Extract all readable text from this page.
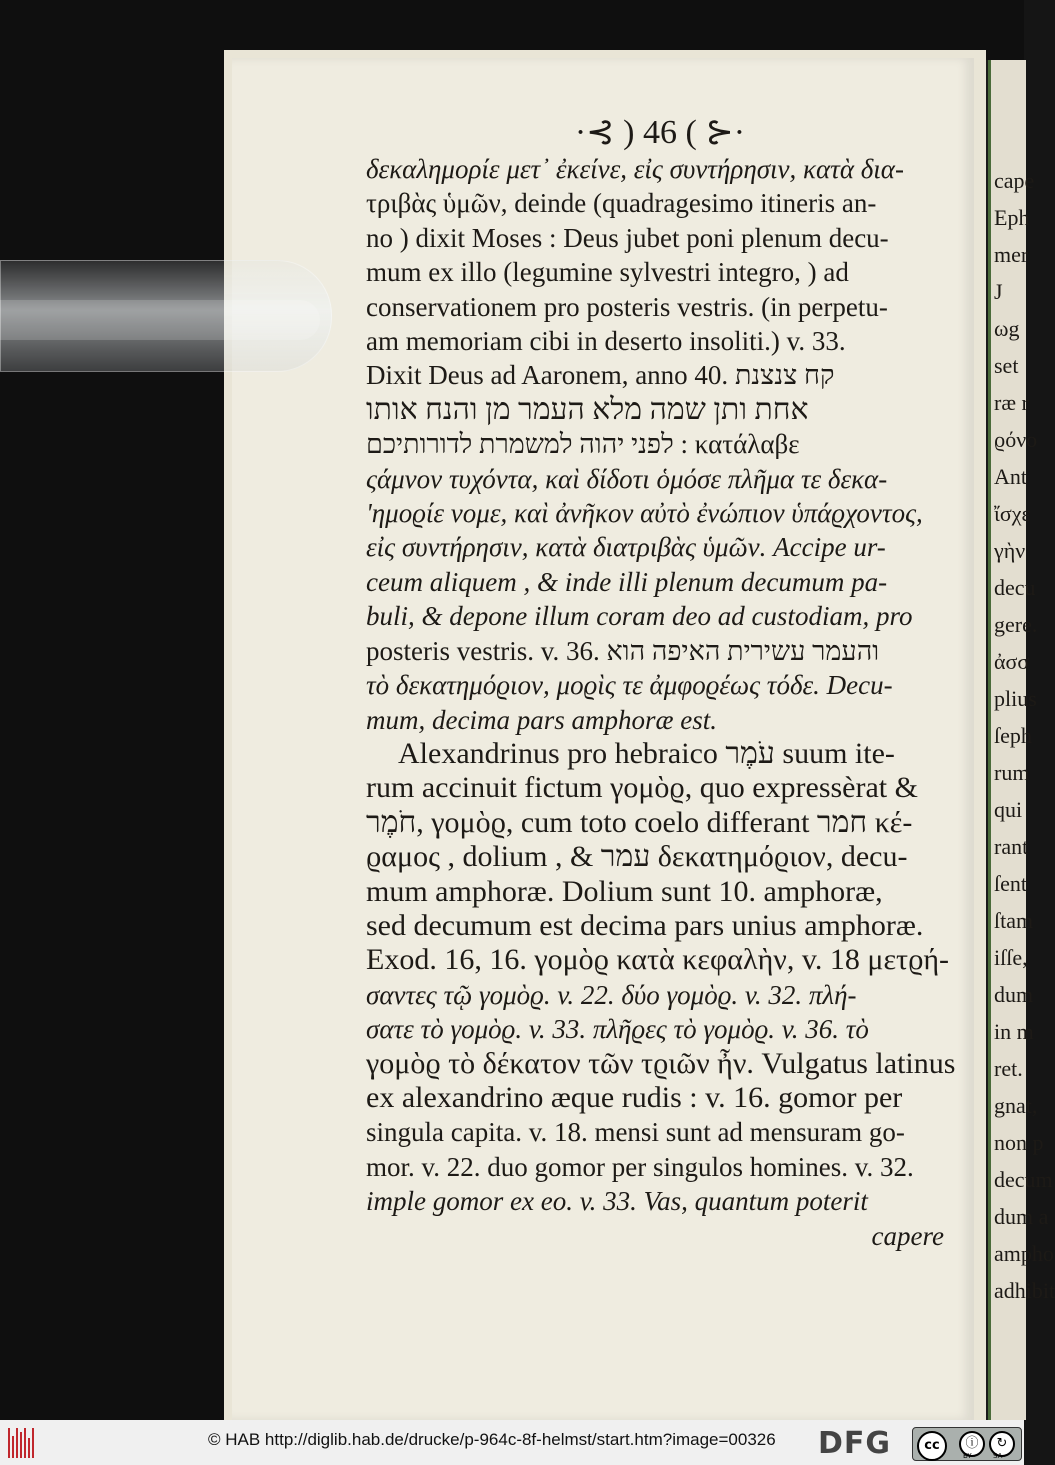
·⊰ ) 46 ( ⊱·
δεκαλημορίε μετ᾽ ἐκείνε, εἰς συντήρησιν, κατὰ δια-
τριβὰς ὑμῶν, deinde (quadragesimo itineris an-
no ) dixit Moses : Deus jubet poni plenum decu-
mum ex illo (legumine sylvestri integro, ) ad
conservationem pro posteris vestris. (in perpetu-
am memoriam cibi in deserto insoliti.) v. 33.
Dixit Deus ad Aaronem, anno 40. קח צנצנת
אחת ותן שמה מלא העמר מן והנח אותו
לפני יהוה למשמרת לדורותיכם : κατάλαβε
ςάμνον τυχόντα, καὶ δίδοτι ὁμόσε πλῆμα τε δεκα-
ʹημοϱίε νομε, καὶ ἀνῆκον αὐτὸ ἐνώπιον ὑπάϱχοντος,
εἰς συντήρησιν, κατὰ διατριβὰς ὑμῶν. Accipe ur-
ceum aliquem , & inde illi plenum decumum pa-
buli, & depone illum coram deo ad custodiam, pro
posteris vestris. v. 36. והעמר עשירית האיפה הוא
τὸ δεκατημόϱιον, μοϱὶς τε ἀμφοϱέως τόδε. Decu-
mum, decima pars amphoræ est.
Alexandrinus pro hebraico עֹמֶר suum ite-
rum accinuit fictum γομὸϱ, quo expressèrat &
חֹמֶר, γομὸϱ, cum toto coelo differant חמר κέ-
ϱαμος , dolium , & עמר δεκατημόϱιον, decu-
mum amphoræ. Dolium sunt 10. amphoræ,
sed decumum est decima pars unius amphoræ.
Exod. 16, 16. γομὸϱ κατὰ κεφαλὴν, v. 18 μετϱή-
σαντες τῷ γομὸϱ. v. 22. δύο γομὸϱ. v. 32. πλή-
σατε τὸ γομὸϱ. v. 33. πλῆϱες τὸ γομὸϱ. v. 36. τὸ
γομὸϱ τὸ δέκατον τῶν τϱιῶν ἦν. Vulgatus latinus
ex alexandrino æque rudis : v. 16. gomor per
singula capita. v. 18. mensi sunt ad mensuram go-
mor. v. 22. duo gomor per singulos homines. v. 32.
imple gomor ex eo. v. 33. Vas, quantum poterit
capere
cape
Eph
mer
J
ωg
set
ræ r
ϱόνο
Ant
ἴσχε
γὴν
decu
gere.
ἀσσ
plius
ſeph
rum
qui
rant
ſent
ſtam
iſſe,
dum
in m
ret.
gnat,
non p
decum
dum a
ampho
adhibit
© HAB http://diglib.hab.de/drucke/p-964c-8f-helmst/start.htm?image=00326 DFG	cc	ⓘ	↻
BY	SA
